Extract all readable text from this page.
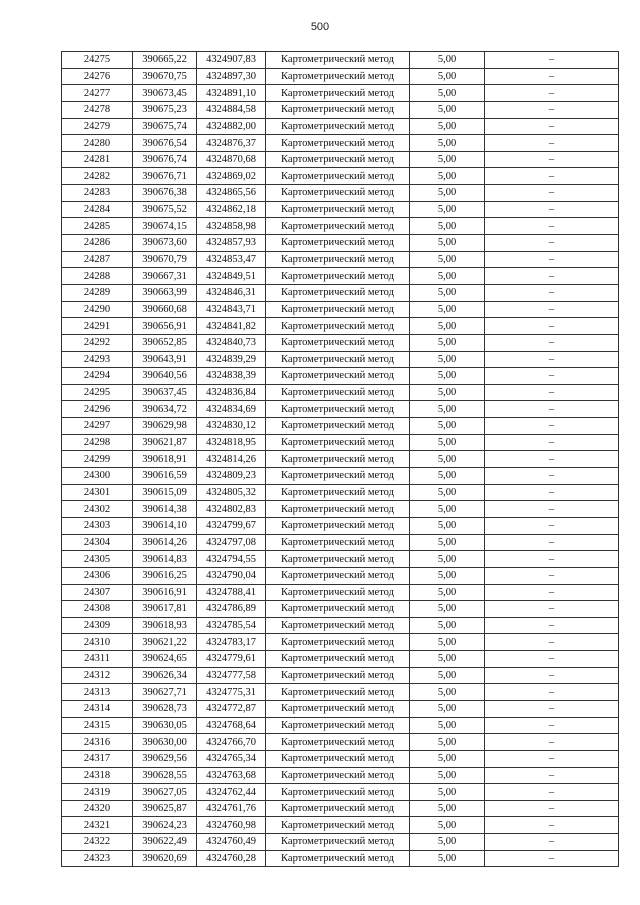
500
24275	390665,22	4324907,83	Картометрический метод	5,00	–
24276	390670,75	4324897,30	Картометрический метод	5,00	–
24277	390673,45	4324891,10	Картометрический метод	5,00	–
24278	390675,23	4324884,58	Картометрический метод	5,00	–
24279	390675,74	4324882,00	Картометрический метод	5,00	–
24280	390676,54	4324876,37	Картометрический метод	5,00	–
24281	390676,74	4324870,68	Картометрический метод	5,00	–
24282	390676,71	4324869,02	Картометрический метод	5,00	–
24283	390676,38	4324865,56	Картометрический метод	5,00	–
24284	390675,52	4324862,18	Картометрический метод	5,00	–
24285	390674,15	4324858,98	Картометрический метод	5,00	–
24286	390673,60	4324857,93	Картометрический метод	5,00	–
24287	390670,79	4324853,47	Картометрический метод	5,00	–
24288	390667,31	4324849,51	Картометрический метод	5,00	–
24289	390663,99	4324846,31	Картометрический метод	5,00	–
24290	390660,68	4324843,71	Картометрический метод	5,00	–
24291	390656,91	4324841,82	Картометрический метод	5,00	–
24292	390652,85	4324840,73	Картометрический метод	5,00	–
24293	390643,91	4324839,29	Картометрический метод	5,00	–
24294	390640,56	4324838,39	Картометрический метод	5,00	–
24295	390637,45	4324836,84	Картометрический метод	5,00	–
24296	390634,72	4324834,69	Картометрический метод	5,00	–
24297	390629,98	4324830,12	Картометрический метод	5,00	–
24298	390621,87	4324818,95	Картометрический метод	5,00	–
24299	390618,91	4324814,26	Картометрический метод	5,00	–
24300	390616,59	4324809,23	Картометрический метод	5,00	–
24301	390615,09	4324805,32	Картометрический метод	5,00	–
24302	390614,38	4324802,83	Картометрический метод	5,00	–
24303	390614,10	4324799,67	Картометрический метод	5,00	–
24304	390614,26	4324797,08	Картометрический метод	5,00	–
24305	390614,83	4324794,55	Картометрический метод	5,00	–
24306	390616,25	4324790,04	Картометрический метод	5,00	–
24307	390616,91	4324788,41	Картометрический метод	5,00	–
24308	390617,81	4324786,89	Картометрический метод	5,00	–
24309	390618,93	4324785,54	Картометрический метод	5,00	–
24310	390621,22	4324783,17	Картометрический метод	5,00	–
24311	390624,65	4324779,61	Картометрический метод	5,00	–
24312	390626,34	4324777,58	Картометрический метод	5,00	–
24313	390627,71	4324775,31	Картометрический метод	5,00	–
24314	390628,73	4324772,87	Картометрический метод	5,00	–
24315	390630,05	4324768,64	Картометрический метод	5,00	–
24316	390630,00	4324766,70	Картометрический метод	5,00	–
24317	390629,56	4324765,34	Картометрический метод	5,00	–
24318	390628,55	4324763,68	Картометрический метод	5,00	–
24319	390627,05	4324762,44	Картометрический метод	5,00	–
24320	390625,87	4324761,76	Картометрический метод	5,00	–
24321	390624,23	4324760,98	Картометрический метод	5,00	–
24322	390622,49	4324760,49	Картометрический метод	5,00	–
24323	390620,69	4324760,28	Картометрический метод	5,00	–
